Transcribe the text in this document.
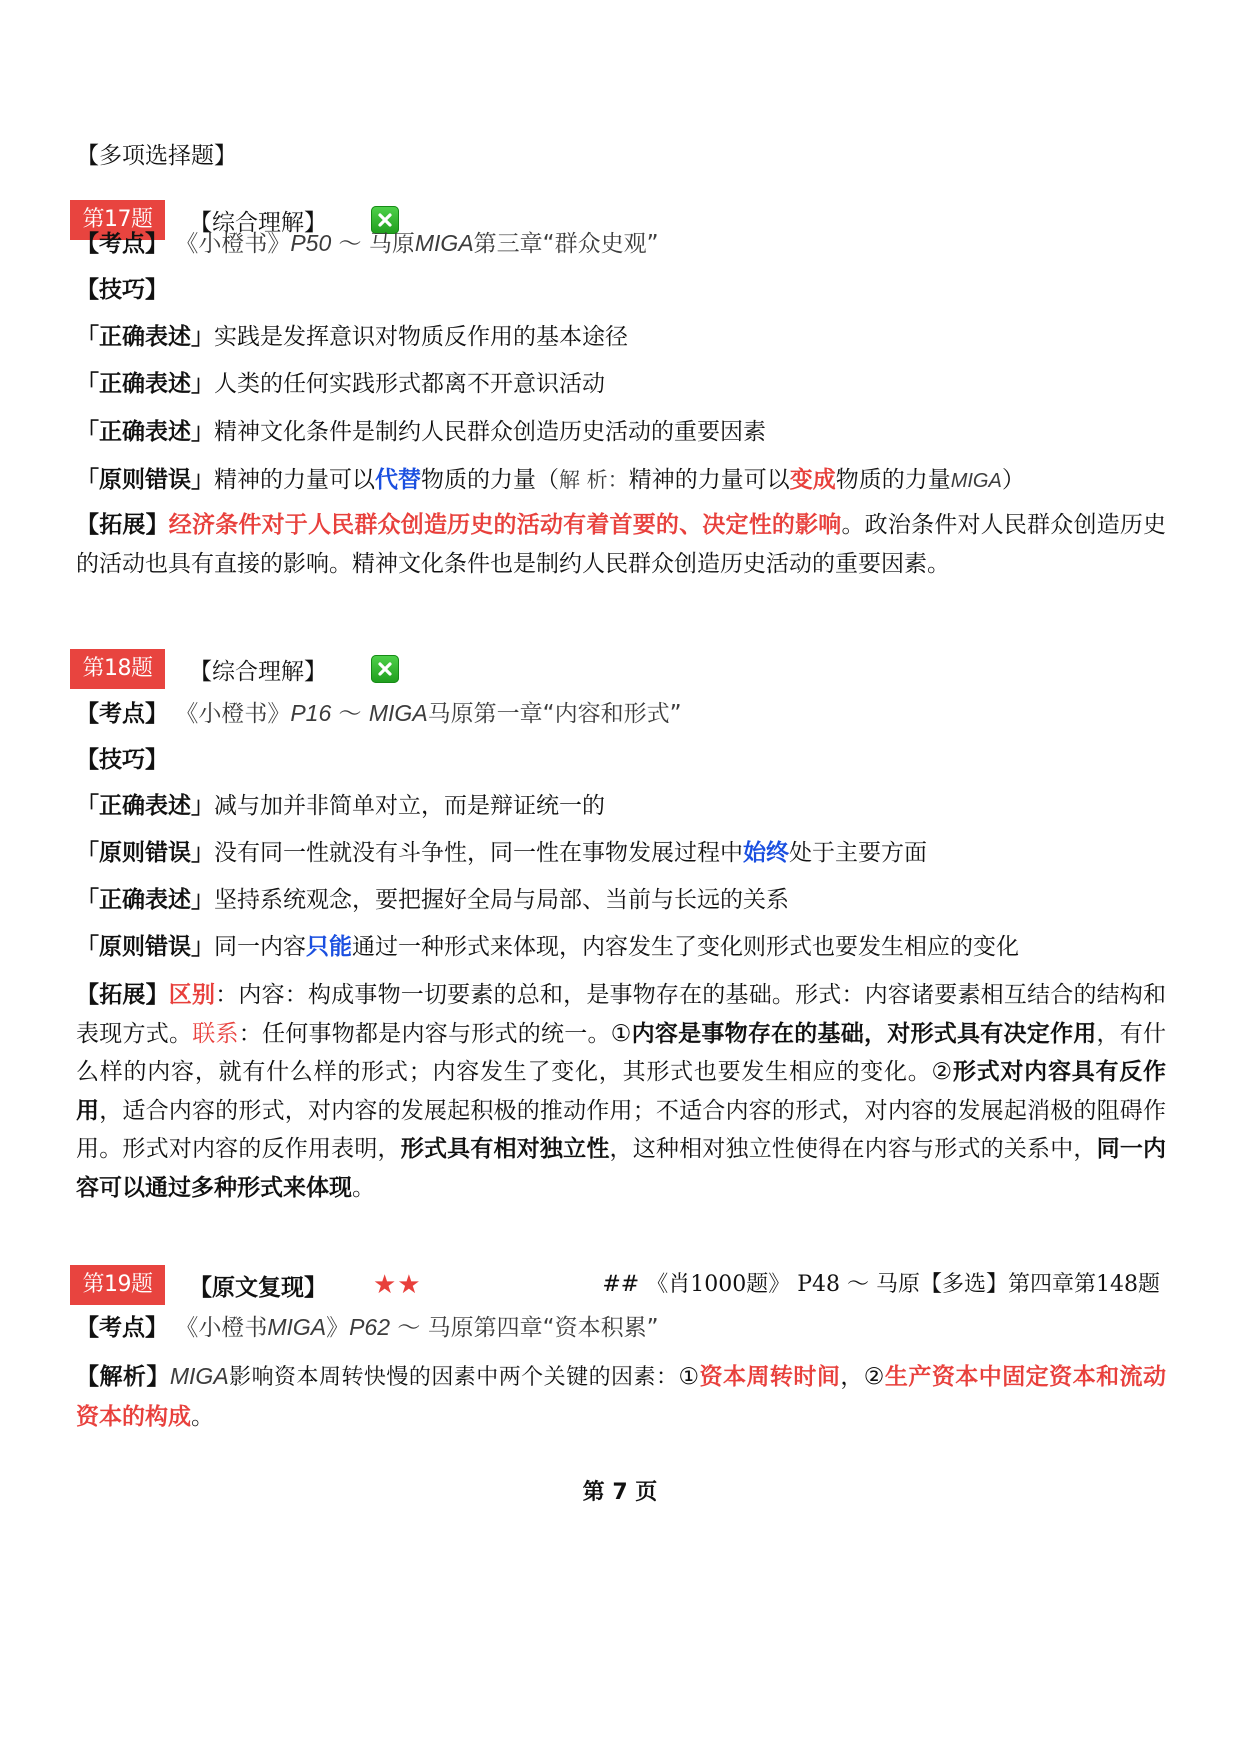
【多项选择题】
第17题	【综合理解】
【考点】 《小橙书》P50 ～ 马原MIGA第三章“群众史观”
【技巧】
「正确表述」实践是发挥意识对物质反作用的基本途径
「正确表述」人类的任何实践形式都离不开意识活动
「正确表述」精神文化条件是制约人民群众创造历史活动的重要因素
「原则错误」精神的力量可以代替物质的力量（解 析：精神的力量可以变成物质的力量MIGA）
【拓展】经济条件对于人民群众创造历史的活动有着首要的、决定性的影响。政治条件对人民群众创造历史的活动也具有直接的影响。精神文化条件也是制约人民群众创造历史活动的重要因素。
第18题	【综合理解】
【考点】 《小橙书》P16 ～ MIGA马原第一章“内容和形式”
【技巧】
「正确表述」减与加并非简单对立，而是辩证统一的
「原则错误」没有同一性就没有斗争性，同一性在事物发展过程中始终处于主要方面
「正确表述」坚持系统观念，要把握好全局与局部、当前与长远的关系
「原则错误」同一内容只能通过一种形式来体现，内容发生了变化则形式也要发生相应的变化
【拓展】区别：内容：构成事物一切要素的总和，是事物存在的基础。形式：内容诸要素相互结合的结构和表现方式。联系：任何事物都是内容与形式的统一。①内容是事物存在的基础，对形式具有决定作用，有什么样的内容，就有什么样的形式；内容发生了变化，其形式也要发生相应的变化。②形式对内容具有反作用，适合内容的形式，对内容的发展起积极的推动作用；不适合内容的形式，对内容的发展起消极的阻碍作用。形式对内容的反作用表明，形式具有相对独立性，这种相对独立性使得在内容与形式的关系中，同一内容可以通过多种形式来体现。
第19题	【原文复现】	★★	## 《肖1000题》 P48 ～ 马原【多选】第四章第148题
【考点】 《小橙书MIGA》P62 ～ 马原第四章“资本积累”
【解析】MIGA影响资本周转快慢的因素中两个关键的因素：①资本周转时间，②生产资本中固定资本和流动资本的构成。
第 7 页
